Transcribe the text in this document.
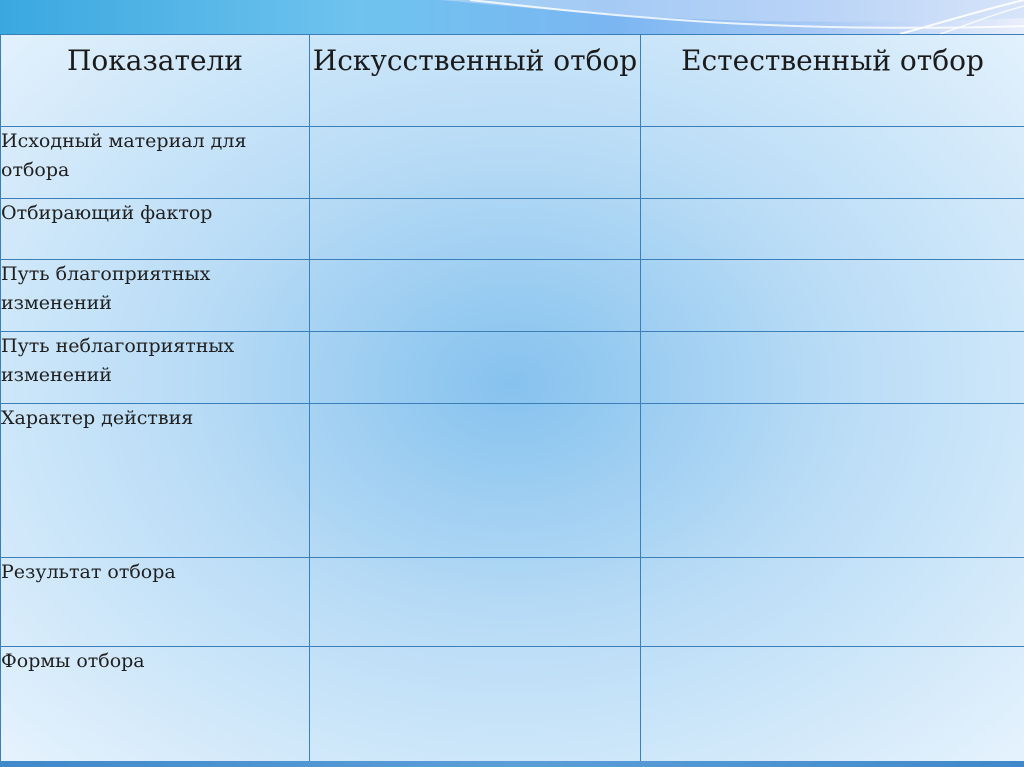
Показатели	Искусственный отбор	Естественный отбор
Исходный материал для отбора		
Отбирающий фактор		
Путь благоприятных изменений		
Путь неблагоприятных изменений		
Характер действия		
Результат отбора		
Формы отбора		
